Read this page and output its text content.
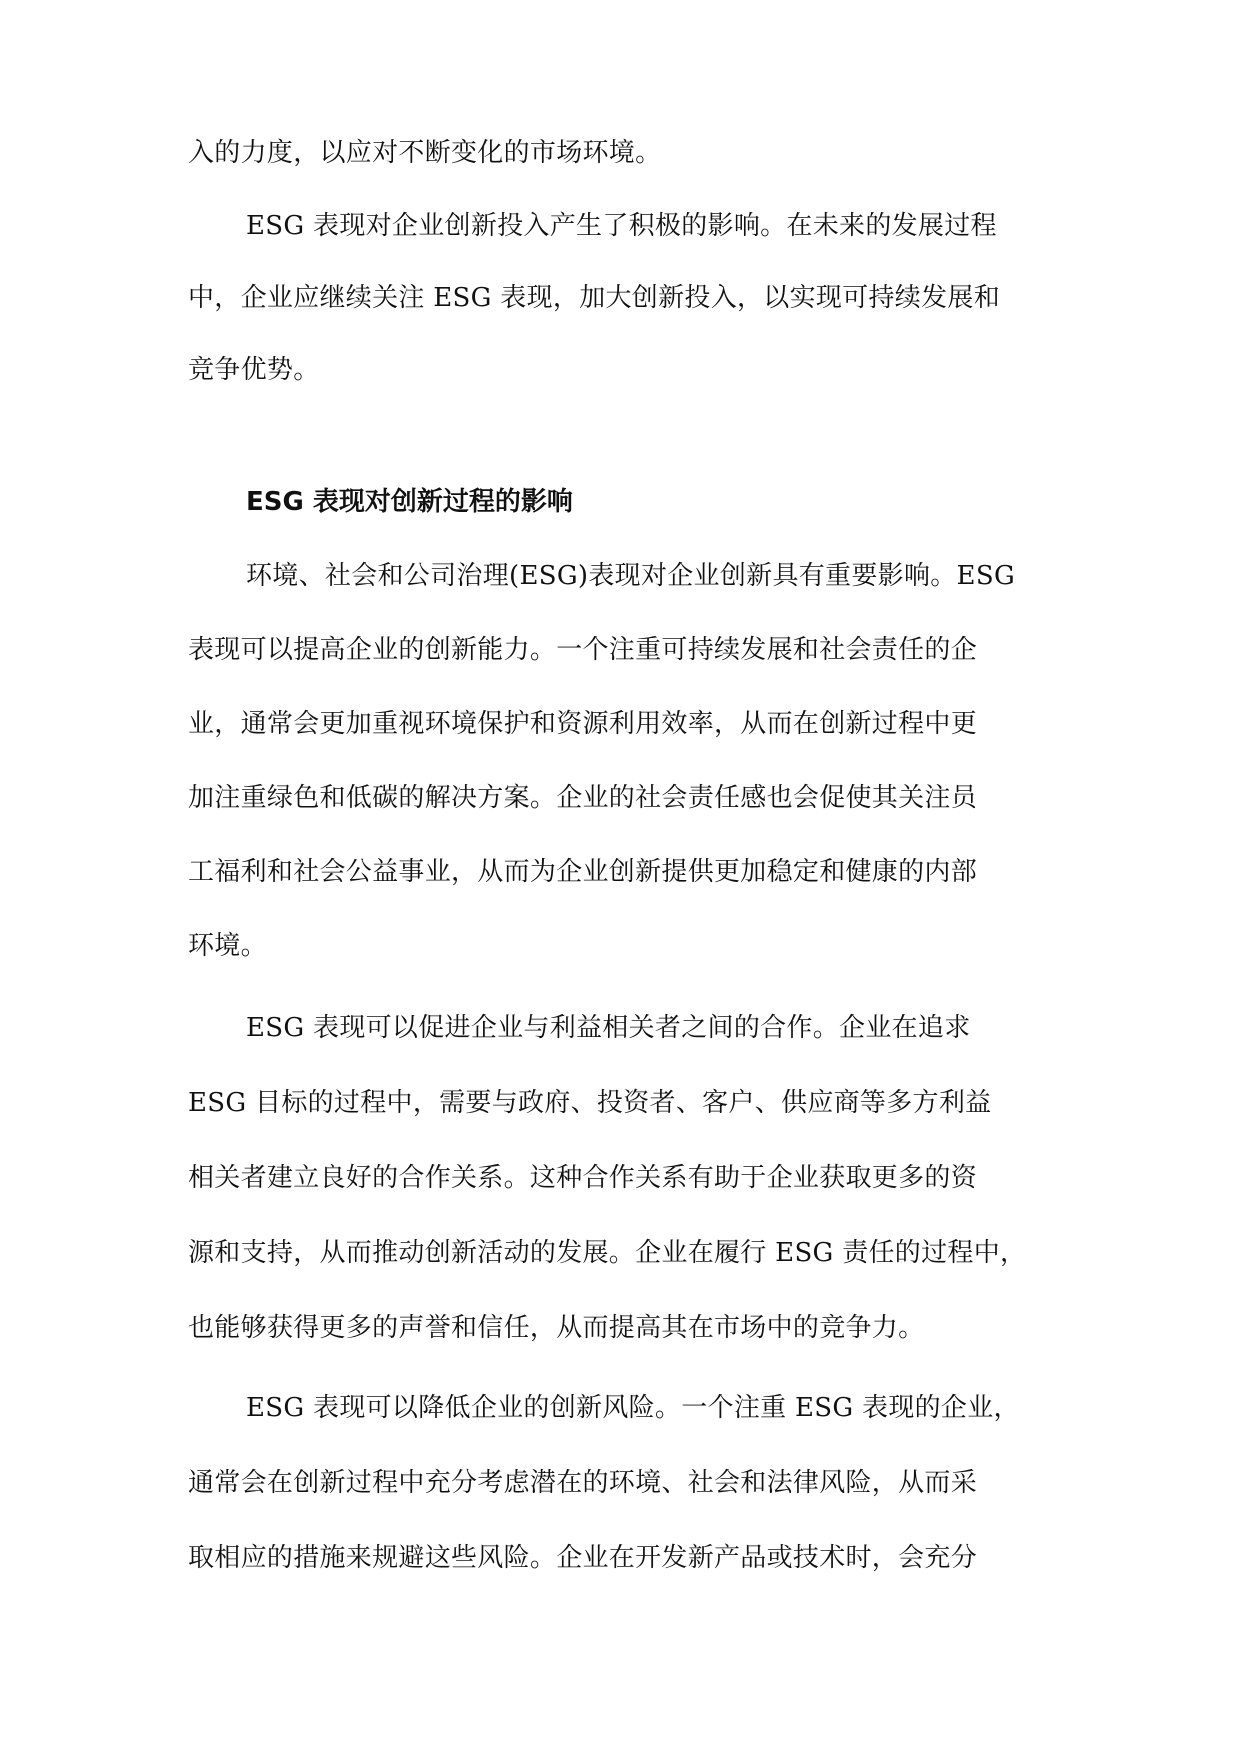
入的力度，以应对不断变化的市场环境。
ESG 表现对企业创新投入产生了积极的影响。在未来的发展过程
中，企业应继续关注 ESG 表现，加大创新投入，以实现可持续发展和
竞争优势。
ESG 表现对创新过程的影响
环境、社会和公司治理(ESG)表现对企业创新具有重要影响。ESG
表现可以提高企业的创新能力。一个注重可持续发展和社会责任的企
业，通常会更加重视环境保护和资源利用效率，从而在创新过程中更
加注重绿色和低碳的解决方案。企业的社会责任感也会促使其关注员
工福利和社会公益事业，从而为企业创新提供更加稳定和健康的内部
环境。
ESG 表现可以促进企业与利益相关者之间的合作。企业在追求
ESG 目标的过程中，需要与政府、投资者、客户、供应商等多方利益
相关者建立良好的合作关系。这种合作关系有助于企业获取更多的资
源和支持，从而推动创新活动的发展。企业在履行 ESG 责任的过程中，
也能够获得更多的声誉和信任，从而提高其在市场中的竞争力。
ESG 表现可以降低企业的创新风险。一个注重 ESG 表现的企业，
通常会在创新过程中充分考虑潜在的环境、社会和法律风险，从而采
取相应的措施来规避这些风险。企业在开发新产品或技术时，会充分
